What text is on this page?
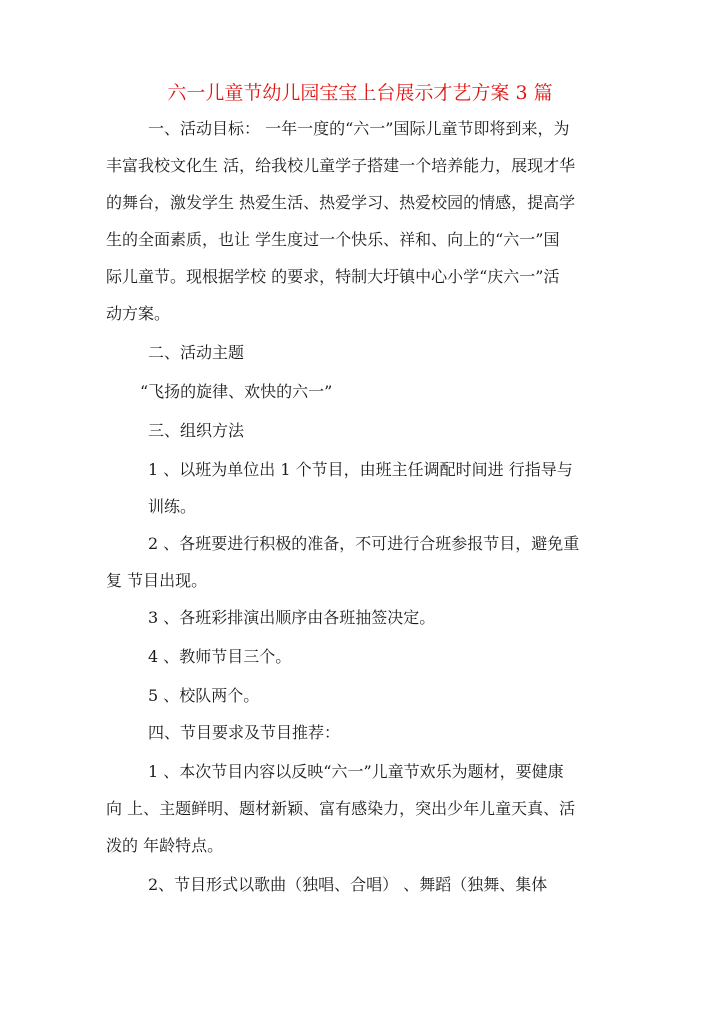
六一儿童节幼儿园宝宝上台展示才艺方案 3 篇
一、活动目标： 一年一度的“六一”国际儿童节即将到来，为
丰富我校文化生 活，给我校儿童学子搭建一个培养能力，展现才华
的舞台，激发学生 热爱生活、热爱学习、热爱校园的情感，提高学
生的全面素质，也让 学生度过一个快乐、祥和、向上的“六一”国
际儿童节。现根据学校 的要求，特制大圩镇中心小学“庆六一”活
动方案。
二、活动主题
“飞扬的旋律、欢快的六一”
三、组织方法
1 、以班为单位出 1 个节目，由班主任调配时间进 行指导与
训练。
2 、各班要进行积极的准备，不可进行合班参报节目，避免重
复 节目出现。
3 、各班彩排演出顺序由各班抽签决定。
4 、教师节目三个。
5 、校队两个。
四、节目要求及节目推荐：
1 、本次节目内容以反映“六一”儿童节欢乐为题材，要健康
向 上、主题鲜明、题材新颖、富有感染力，突出少年儿童天真、活
泼的 年龄特点。
2、节目形式以歌曲（独唱、合唱） 、舞蹈（独舞、集体
